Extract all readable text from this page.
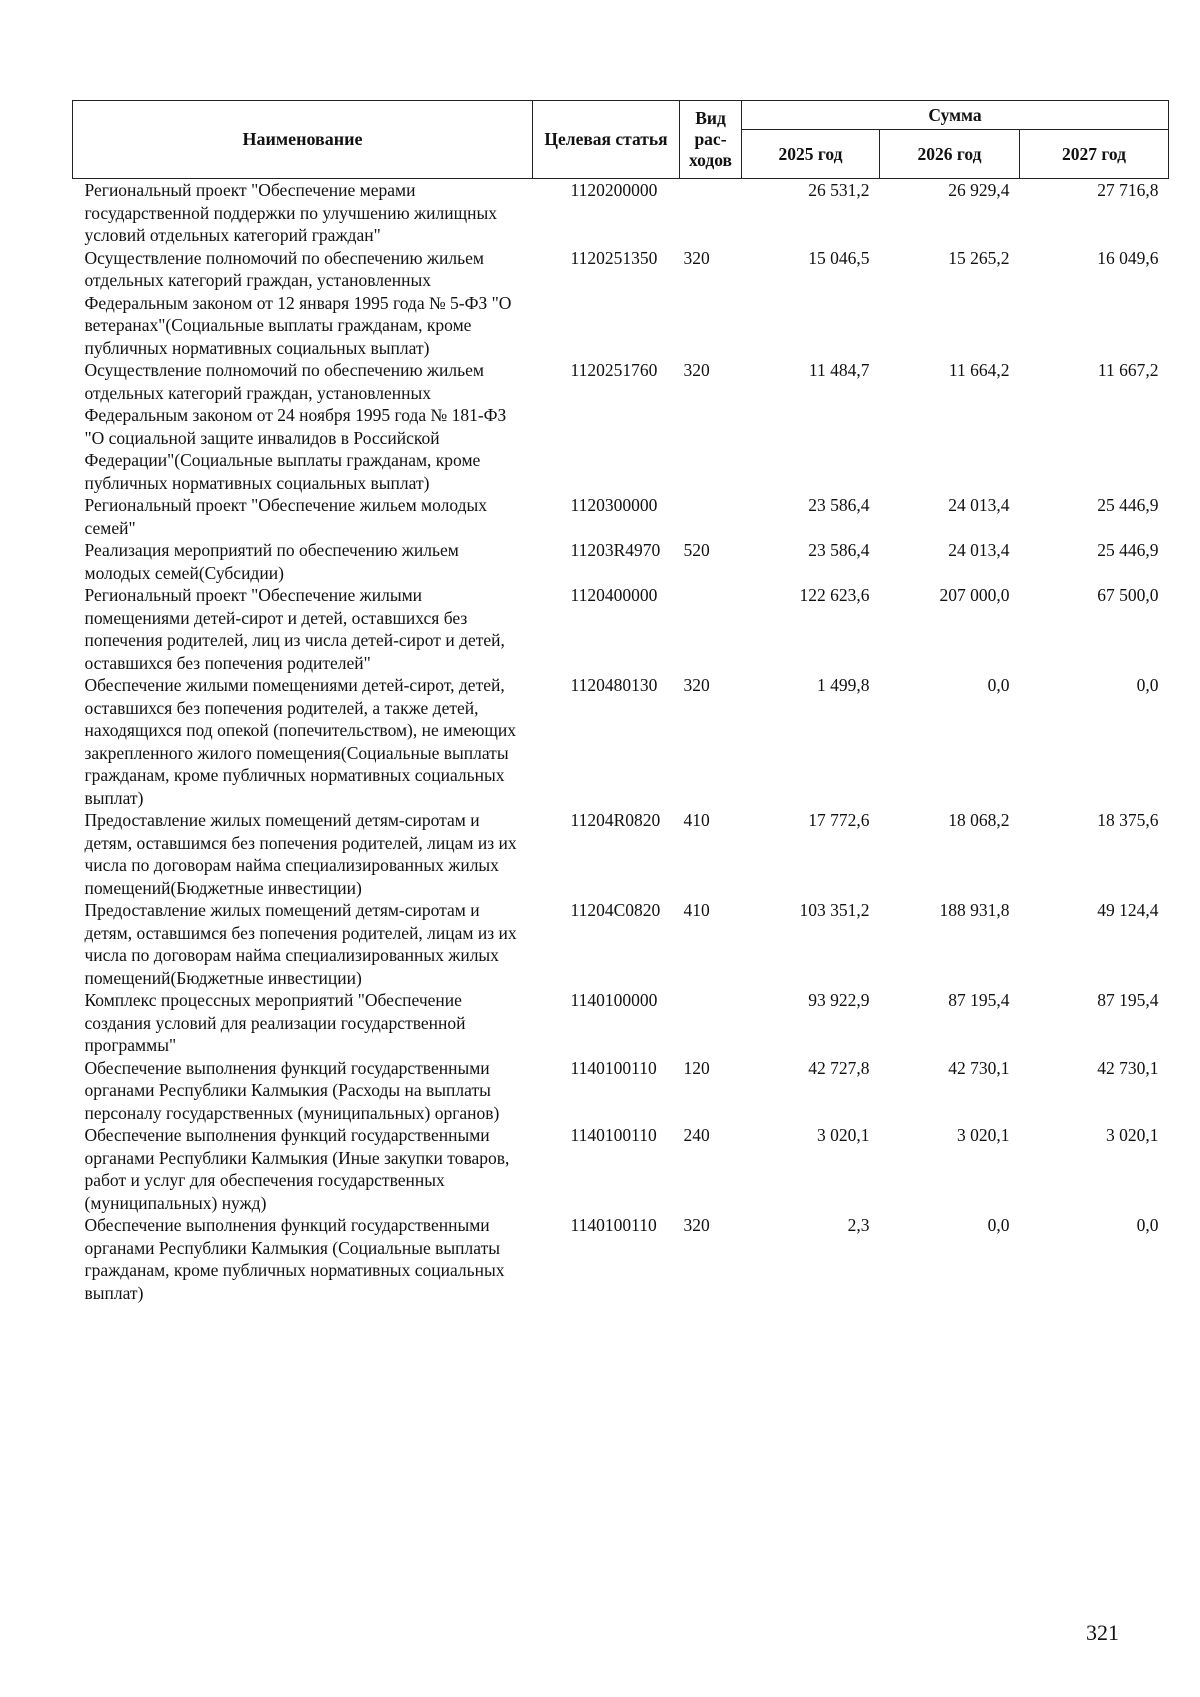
Наименование	Целевая статья	Вид рас-ходов	Сумма		
			2025 год	2026 год	2027 год
Региональный проект "Обеспечение мерами государственной поддержки по улучшению жилищных условий отдельных категорий граждан"	1120200000		26 531,2	26 929,4	27 716,8
Осуществление полномочий по обеспечению жильем отдельных категорий граждан, установленных Федеральным законом от 12 января 1995 года № 5-ФЗ "О ветеранах"(Социальные выплаты гражданам, кроме публичных нормативных социальных выплат)	1120251350	320	15 046,5	15 265,2	16 049,6
Осуществление полномочий по обеспечению жильем отдельных категорий граждан, установленных Федеральным законом от 24 ноября 1995 года № 181-ФЗ "О социальной защите инвалидов в Российской Федерации"(Социальные выплаты гражданам, кроме публичных нормативных социальных выплат)	1120251760	320	11 484,7	11 664,2	11 667,2
Региональный проект "Обеспечение жильем молодых семей"	1120300000		23 586,4	24 013,4	25 446,9
Реализация мероприятий по обеспечению жильем молодых семей(Субсидии)	11203R4970	520	23 586,4	24 013,4	25 446,9
Региональный проект "Обеспечение жилыми помещениями детей-сирот и детей, оставшихся без попечения родителей, лиц из числа детей-сирот и детей, оставшихся без попечения родителей"	1120400000		122 623,6	207 000,0	67 500,0
Обеспечение жилыми помещениями детей-сирот, детей, оставшихся без попечения родителей, а также детей, находящихся под опекой (попечительством), не имеющих закрепленного жилого помещения(Социальные выплаты гражданам, кроме публичных нормативных социальных выплат)	1120480130	320	1 499,8	0,0	0,0
Предоставление жилых помещений детям-сиротам и детям, оставшимся без попечения родителей, лицам из их числа по договорам найма специализированных жилых помещений(Бюджетные инвестиции)	11204R0820	410	17 772,6	18 068,2	18 375,6
Предоставление жилых помещений детям-сиротам и детям, оставшимся без попечения родителей, лицам из их числа по договорам найма специализированных жилых помещений(Бюджетные инвестиции)	11204C0820	410	103 351,2	188 931,8	49 124,4
Комплекс процессных мероприятий "Обеспечение создания условий для реализации государственной программы"	1140100000		93 922,9	87 195,4	87 195,4
Обеспечение выполнения функций государственными органами Республики Калмыкия (Расходы на выплаты персоналу государственных (муниципальных) органов)	1140100110	120	42 727,8	42 730,1	42 730,1
Обеспечение выполнения функций государственными органами Республики Калмыкия (Иные закупки товаров, работ и услуг для обеспечения государственных (муниципальных) нужд)	1140100110	240	3 020,1	3 020,1	3 020,1
Обеспечение выполнения функций государственными органами Республики Калмыкия (Социальные выплаты гражданам, кроме публичных нормативных социальных выплат)	1140100110	320	2,3	0,0	0,0
321
